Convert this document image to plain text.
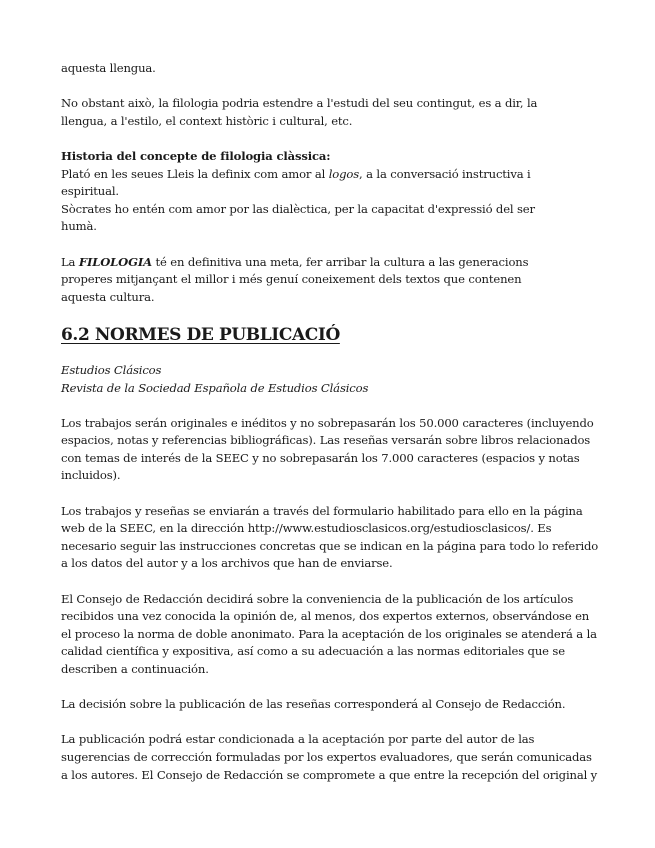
aquesta llengua.

No obstant això, la filologia podria estendre a l'estudi del seu contingut, es a dir, la llengua, a l'estilo, el context històric i cultural, etc.

Historia del concepte de filologia clàssica:
Plató en les seues Lleis la definix com amor al logos, a la conversació instructiva i espiritual.
Sòcrates ho entén com amor por las dialèctica, per la capacitat d'expressió del ser humà.

La FILOLOGIA té en definitiva una meta, fer arribar la cultura a las generacions properes mitjançant el millor i més genuí coneixement dels textos que contenen aquesta cultura.

6.2 NORMES DE PUBLICACIÓ
Estudios Clásicos
Revista de la Sociedad Española de Estudios Clásicos

Los trabajos serán originales e inéditos y no sobrepasarán los 50.000 caracteres (incluyendo espacios, notas y referencias bibliográficas). Las reseñas versarán sobre libros relacionados con temas de interés de la SEEC y no sobrepasarán los 7.000 caracteres (espacios y notas incluidos).

Los trabajos y reseñas se enviarán a través del formulario habilitado para ello en la página web de la SEEC, en la dirección http://www.estudiosclasicos.org/estudiosclasicos/. Es necesario seguir las instrucciones concretas que se indican en la página para todo lo referido a los datos del autor y a los archivos que han de enviarse.

El Consejo de Redacción decidirá sobre la conveniencia de la publicación de los artículos recibidos una vez conocida la opinión de, al menos, dos expertos externos, observándose en el proceso la norma de doble anonimato. Para la aceptación de los originales se atenderá a la calidad científica y expositiva, así como a su adecuación a las normas editoriales que se describen a continuación.

La decisión sobre la publicación de las reseñas corresponderá al Consejo de Redacción.

La publicación podrá estar condicionada a la aceptación por parte del autor de las sugerencias de corrección formuladas por los expertos evaluadores, que serán comunicadas a los autores. El Consejo de Redacción se compromete a que entre la recepción del original y
